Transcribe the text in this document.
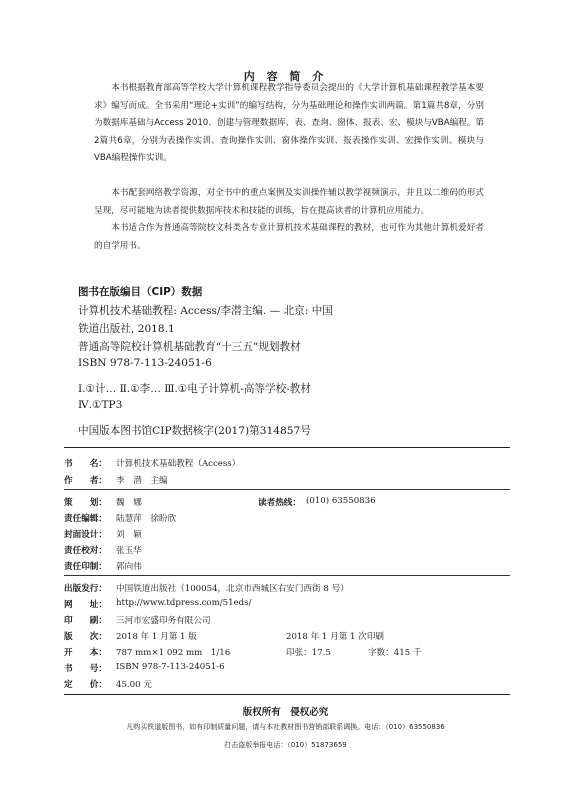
内 容 简 介

本书根据教育部高等学校大学计算机课程教学指导委员会提出的《大学计算机基础课程教学基本要求》编写而成。全书采用“理论+实训”的编写结构，分为基础理论和操作实训两篇。第1篇共8章，分别为数据库基础与Access 2010、创建与管理数据库、表、查询、窗体、报表、宏、模块与VBA编程。第2篇共6章，分别为表操作实训、查询操作实训、窗体操作实训、报表操作实训、宏操作实训、模块与VBA编程操作实训。

本书配套网络教学资源，对全书中的重点案例及实训操作辅以教学视频演示，并且以二维码的形式呈现，尽可能地为读者提供数据库技术和技能的训练，旨在提高读者的计算机应用能力。

本书适合作为普通高等院校文科类各专业计算机技术基础课程的教材，也可作为其他计算机爱好者的自学用书。

图书在版编目（CIP）数据
计算机技术基础教程: Access/李潜主编. — 北京: 中国
铁道出版社, 2018.1
普通高等院校计算机基础教育“十三五”规划教材
ISBN 978-7-113-24051-6
Ⅰ.①计… Ⅱ.①李… Ⅲ.①电子计算机-高等学校-教材
Ⅳ.①TP3
中国版本图书馆CIP数据核字(2017)第314857号
书　　名： 计算机技术基础教程（Access）
作　　者： 李　潜　主编
策　　划： 魏　娜	读者热线： (010) 63550836
责任编辑： 陆慧萍　徐盼欣
封面设计： 刘　颖
责任校对： 张玉华
责任印制： 郭向伟
出版发行： 中国铁道出版社（100054，北京市西城区右安门西街 8 号）
网　　址： http://www.tdpress.com/51eds/
印　　刷： 三河市宏盛印务有限公司
版　　次： 2018 年 1 月第 1 版	2018 年 1 月第 1 次印刷
开　　本： 787 mm×1 092 mm　1/16	印张：17.5	字数：415 千
书　　号： ISBN 978-7-113-24051-6
定　　价： 45.00 元
版权所有　侵权必究
凡购买铁道版图书，如有印制质量问题，请与本社教材图书营销部联系调换。电话：（010）63550836
打击盗版举报电话：（010）51873659
